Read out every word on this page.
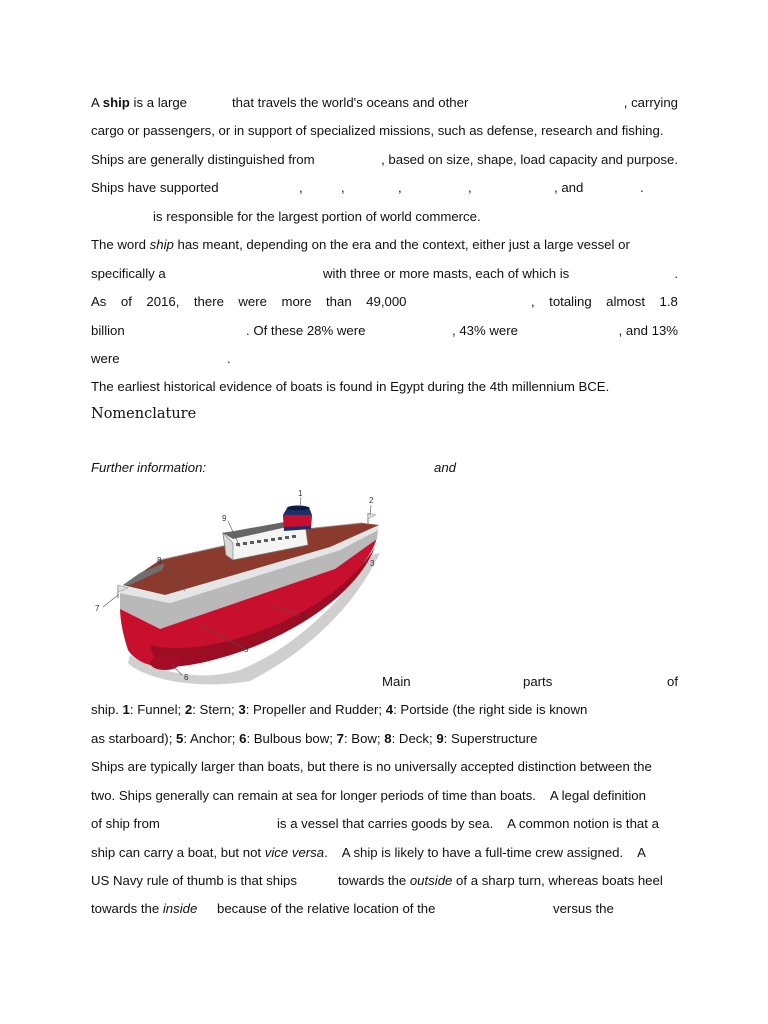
A ship is a large	that travels the world's oceans and other	, carrying
cargo or passengers, or in support of specialized missions, such as defense, research and fishing.
Ships are generally distinguished from	, based on size, shape, load capacity and purpose.
Ships have supported	,	,	,	,	, and	.
is responsible for the largest portion of world commerce.
The word ship has meant, depending on the era and the context, either just a large vessel or
specifically a	with three or more masts, each of which is	.
As of 2016, there were more than 49,000	, totaling almost 1.8
billion	. Of these 28% were	, 43% were	, and 13%
were	.
The earliest historical evidence of boats is found in Egypt during the 4th millennium BCE.
Nomenclature
Further information:	and
1
2
3
4
5
6
7
8
9
Main	parts	of
ship. 1: Funnel; 2: Stern; 3: Propeller and Rudder; 4: Portside (the right side is known
as starboard); 5: Anchor; 6: Bulbous bow; 7: Bow; 8: Deck; 9: Superstructure
Ships are typically larger than boats, but there is no universally accepted distinction between the
two. Ships generally can remain at sea for longer periods of time than boats.    A legal definition
of ship from	is a vessel that carries goods by sea.    A common notion is that a
ship can carry a boat, but not vice versa.    A ship is likely to have a full-time crew assigned.    A
US Navy rule of thumb is that ships	towards the outside of a sharp turn, whereas boats heel
towards the inside because of the relative location of the	versus the
